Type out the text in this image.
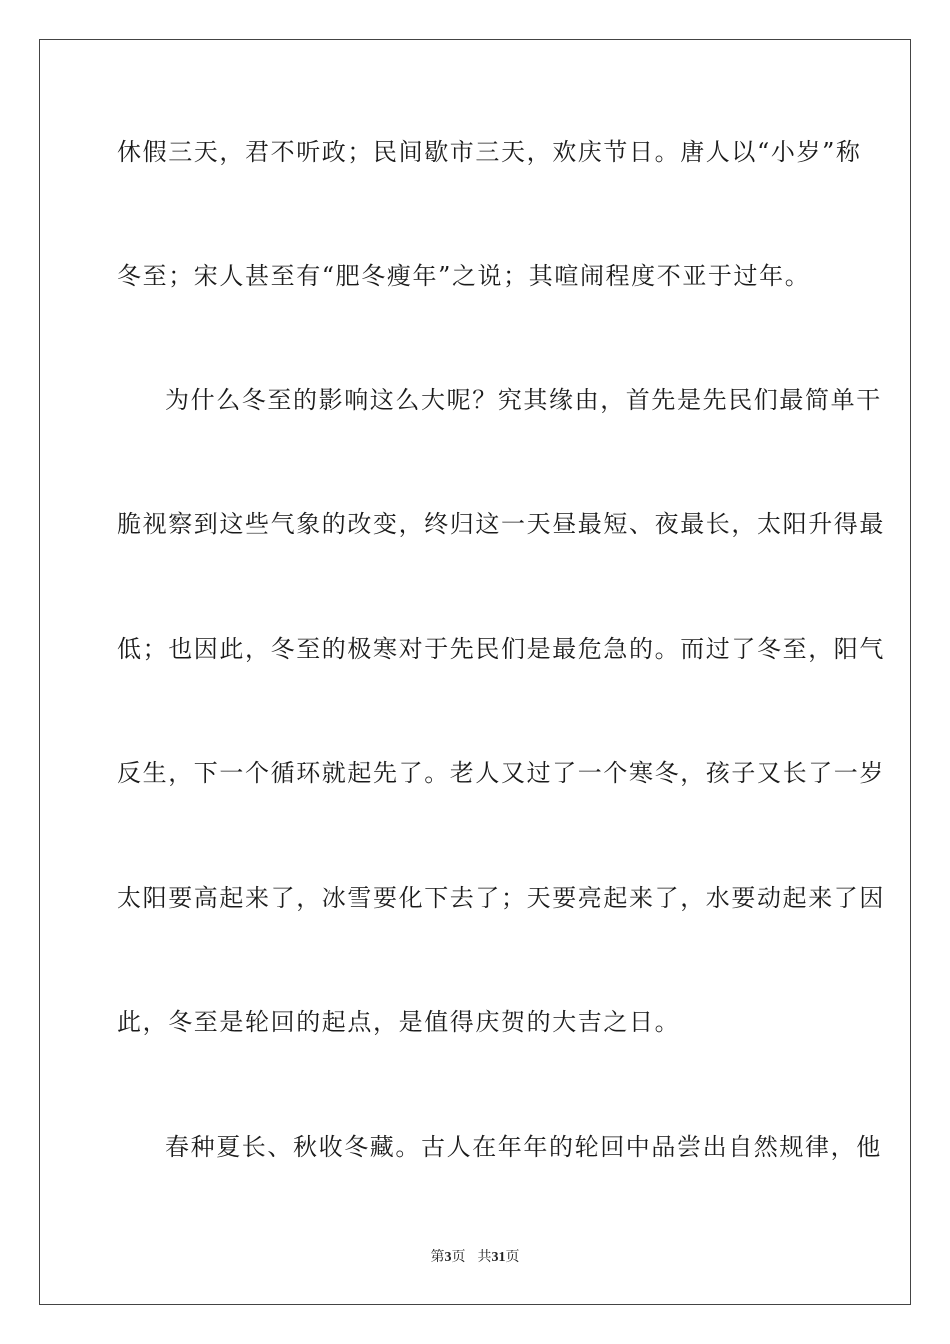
休假三天，君不听政；民间歇市三天，欢庆节日。唐人以“小岁”称
冬至；宋人甚至有“肥冬瘦年”之说；其喧闹程度不亚于过年。
为什么冬至的影响这么大呢？究其缘由，首先是先民们最简单干
脆视察到这些气象的改变，终归这一天昼最短、夜最长，太阳升得最
低；也因此，冬至的极寒对于先民们是最危急的。而过了冬至，阳气
反生，下一个循环就起先了。老人又过了一个寒冬，孩子又长了一岁
太阳要高起来了，冰雪要化下去了；天要亮起来了，水要动起来了因
此，冬至是轮回的起点，是值得庆贺的大吉之日。
春种夏长、秋收冬藏。古人在年年的轮回中品尝出自然规律，他
第3页 共31页
